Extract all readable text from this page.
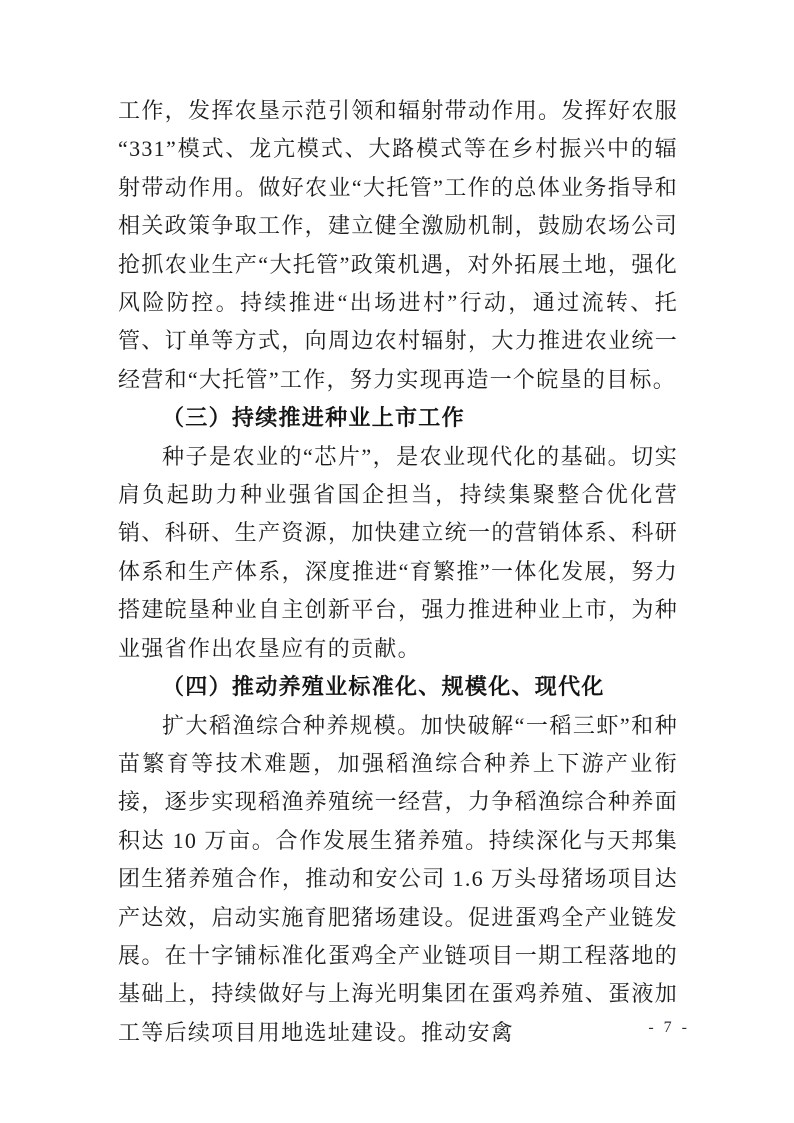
工作，发挥农垦示范引领和辐射带动作用。发挥好农服“331”模式、龙亢模式、大路模式等在乡村振兴中的辐射带动作用。做好农业“大托管”工作的总体业务指导和相关政策争取工作，建立健全激励机制，鼓励农场公司抢抓农业生产“大托管”政策机遇，对外拓展土地，强化风险防控。持续推进“出场进村”行动，通过流转、托管、订单等方式，向周边农村辐射，大力推进农业统一经营和“大托管”工作，努力实现再造一个皖垦的目标。

（三）持续推进种业上市工作

种子是农业的“芯片”，是农业现代化的基础。切实肩负起助力种业强省国企担当，持续集聚整合优化营销、科研、生产资源，加快建立统一的营销体系、科研体系和生产体系，深度推进“育繁推”一体化发展，努力搭建皖垦种业自主创新平台，强力推进种业上市，为种业强省作出农垦应有的贡献。

（四）推动养殖业标准化、规模化、现代化

扩大稻渔综合种养规模。加快破解“一稻三虾”和种苗繁育等技术难题，加强稻渔综合种养上下游产业衔接，逐步实现稻渔养殖统一经营，力争稻渔综合种养面积达 10 万亩。合作发展生猪养殖。持续深化与天邦集团生猪养殖合作，推动和安公司 1.6 万头母猪场项目达产达效，启动实施育肥猪场建设。促进蛋鸡全产业链发展。在十字铺标准化蛋鸡全产业链项目一期工程落地的基础上，持续做好与上海光明集团在蛋鸡养殖、蛋液加工等后续项目用地选址建设。推动安禽	- 7 -
